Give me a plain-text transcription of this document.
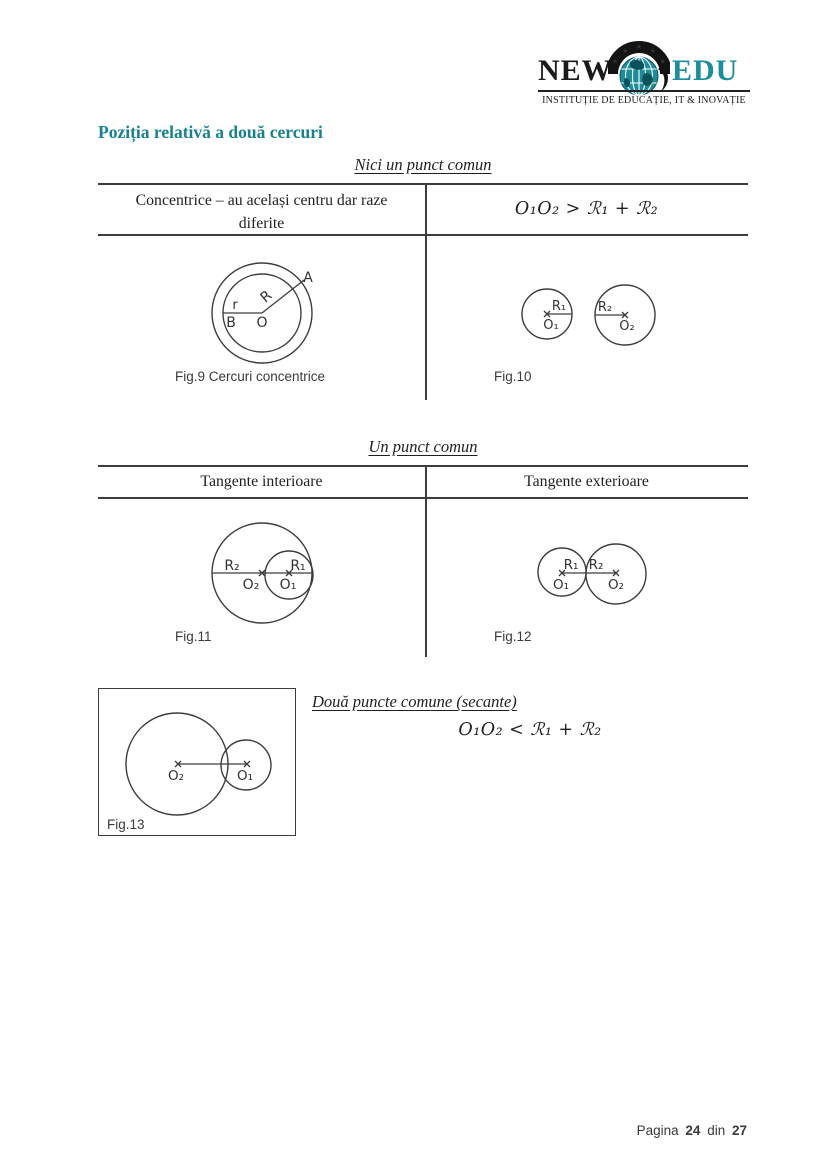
NEW ★
★ ★ ★
★ EDU
INSTITUȚIE DE EDUCAȚIE, IT & INOVAȚIE
Poziția relativă a două cercuri
Nici un punct comun
Concentrice – au același centru dar raze
diferite
O₁O₂ > ℛ₁ + ℛ₂
A
R
r
B O
Fig.9 Cercuri concentrice
R₁
O₁
R₂
O₂
Fig.10
Un punct comun
Tangente interioare	Tangente exterioare
R₂
O₂
R₁
O₁
Fig.11
R₁ R₂
O₁	O₂
Fig.12
O₂	O₁
Fig.13
Două puncte comune (secante)
O₁O₂ < ℛ₁ + ℛ₂
Pagina 24 din 27
